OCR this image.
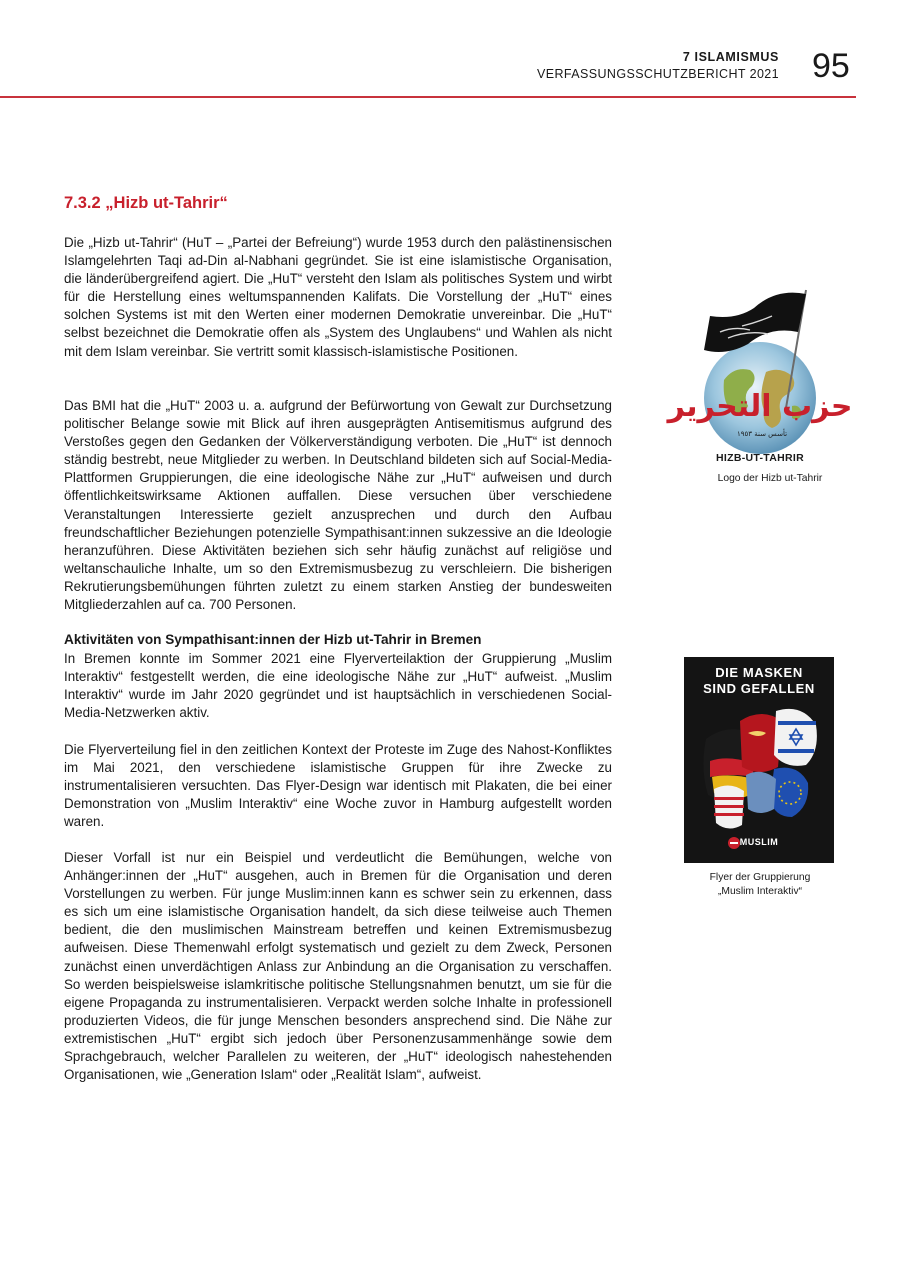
7 ISLAMISMUS
VERFASSUNGSSCHUTZBERICHT 2021 95
7.3.2 „Hizb ut-Tahrir“

Die „Hizb ut-Tahrir“ (HuT – „Partei der Befreiung“) wurde 1953 durch den palästinensischen Islamgelehrten Taqi ad-Din al-Nabhani gegründet. Sie ist eine islamistische Organisation, die länderübergreifend agiert. Die „HuT“ versteht den Islam als politisches System und wirbt für die Herstellung eines weltumspannenden Kalifats. Die Vorstellung der „HuT“ eines solchen Systems ist mit den Werten einer modernen Demokratie unvereinbar. Die „HuT“ selbst bezeichnet die Demokratie offen als „System des Unglaubens“ und Wahlen als nicht mit dem Islam vereinbar. Sie vertritt somit klassisch-islamistische Positionen.

Das BMI hat die „HuT“ 2003 u. a. aufgrund der Befürwortung von Gewalt zur Durchsetzung politischer Belange sowie mit Blick auf ihren ausgeprägten Antisemitismus aufgrund des Verstoßes gegen den Gedanken der Völkerverständigung verboten. Die „HuT“ ist dennoch ständig bestrebt, neue Mitglieder zu werben. In Deutschland bildeten sich auf Social-Media-Plattformen Gruppierungen, die eine ideologische Nähe zur „HuT“ aufweisen und durch öffentlichkeitswirksame Aktionen auffallen. Diese versuchen über verschiedene Veranstaltungen Interessierte gezielt anzusprechen und durch den Aufbau freundschaftlicher Beziehungen potenzielle Sympathisant:innen sukzessive an die Ideologie heranzuführen. Diese Aktivitäten beziehen sich sehr häufig zunächst auf religiöse und weltanschauliche Inhalte, um so den Extremismusbezug zu verschleiern. Die bisherigen Rekrutierungsbemühungen führten zuletzt zu einem starken Anstieg der bundesweiten Mitgliederzahlen auf ca. 700 Personen.

Aktivitäten von Sympathisant:innen der Hizb ut-Tahrir in Bremen

In Bremen konnte im Sommer 2021 eine Flyerverteilaktion der Gruppierung „Muslim Interaktiv“ festgestellt werden, die eine ideologische Nähe zur „HuT“ aufweist. „Muslim Interaktiv“ wurde im Jahr 2020 gegründet und ist hauptsächlich in verschiedenen Social-Media-Netzwerken aktiv.

Die Flyerverteilung fiel in den zeitlichen Kontext der Proteste im Zuge des Nahost-Konfliktes im Mai 2021, den verschiedene islamistische Gruppen für ihre Zwecke zu instrumentalisieren versuchten. Das Flyer-Design war identisch mit Plakaten, die bei einer Demonstration von „Muslim Interaktiv“ eine Woche zuvor in Hamburg aufgestellt worden waren.

Dieser Vorfall ist nur ein Beispiel und verdeutlicht die Bemühungen, welche von Anhänger:innen der „HuT“ ausgehen, auch in Bremen für die Organisation und deren Vorstellungen zu werben. Für junge Muslim:innen kann es schwer sein zu erkennen, dass es sich um eine islamistische Organisation handelt, da sich diese teilweise auch Themen bedient, die den muslimischen Mainstream betreffen und keinen Extremismusbezug aufweisen. Diese Themenwahl erfolgt systematisch und gezielt zu dem Zweck, Personen zunächst einen unverdächtigen Anlass zur Anbindung an die Organisation zu verschaffen. So werden beispielsweise islamkritische politische Stellungsnahmen benutzt, um sie für die eigene Propaganda zu instrumentalisieren. Verpackt werden solche Inhalte in professionell produzierten Videos, die für junge Menschen besonders ansprechend sind. Die Nähe zur extremistischen „HuT“ ergibt sich jedoch über Personenzusammenhänge sowie dem Sprachgebrauch, welcher Parallelen zu weiteren, der „HuT“ ideologisch nahestehenden Organisationen, wie „Generation Islam“ oder „Realität Islam“, aufweist.

حزب التحرير
تأسس سنة ١٩٥٣
HIZB-UT-TAHRIR
Logo der Hizb ut-Tahrir
DIE MASKEN
SIND GEFALLEN
MUSLIM
Flyer der Gruppierung
„Muslim Interaktiv“
